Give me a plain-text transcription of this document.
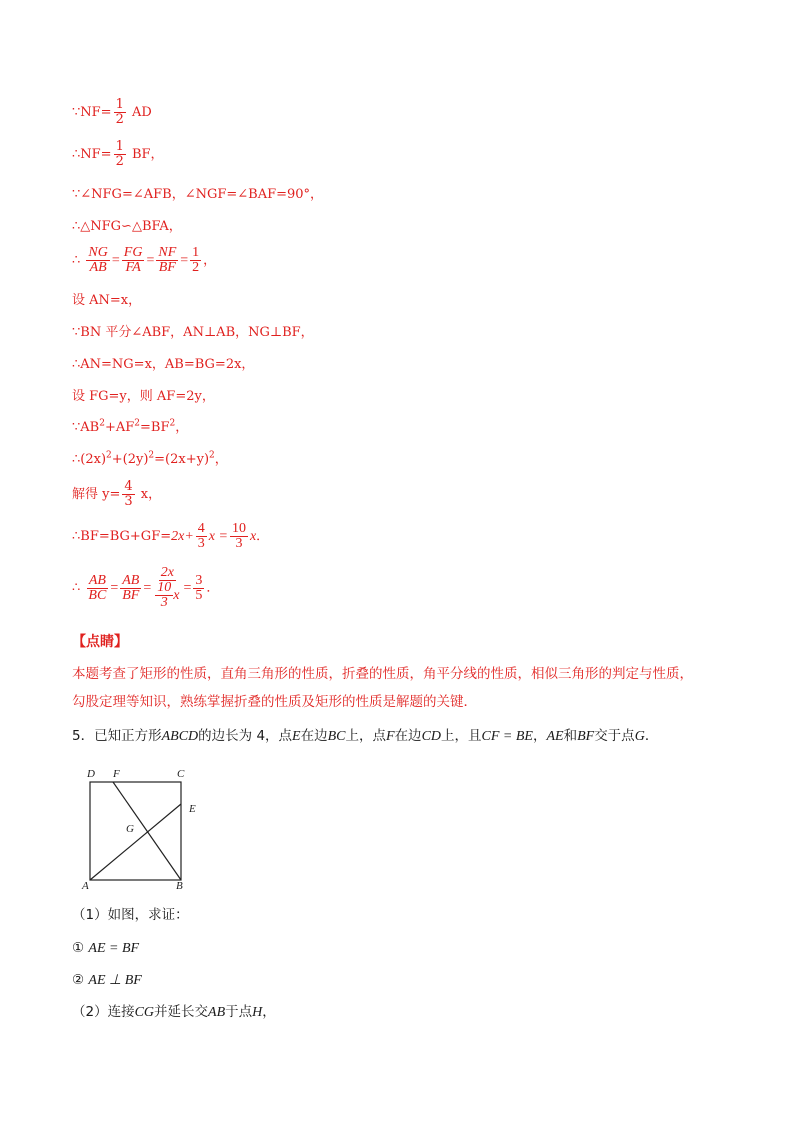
∵NF= $\frac{1}{2}$ AD
∴NF= $\frac{1}{2}$ BF，
∵∠NFG=∠AFB，∠NGF=∠BAF=90°，
∴△NFG∽△BFA，
∴ $\frac{NG}{AB} = \frac{FG}{FA} = \frac{NF}{BF} = \frac{1}{2}$ ，
设 AN=x，
∵BN 平分∠ABF，AN⊥AB，NG⊥BF，
∴AN=NG=x，AB=BG=2x，
设 FG=y，则 AF=2y，
$\because AB^2+AF^2=BF^2$，
$\therefore(2x)^2+(2y)^2=(2x+y)^2$，
解得 $y= \frac{4}{3}$ x，
∴BF=BG+GF=2x+ $\frac{4}{3}$ $x = \frac{10}{3}$ x．
∴ $\frac{AB}{BC} = \frac{AB}{BF} = \frac{2x}{\frac{10}{3} x} = \frac{3}{5}$ ．
【点睛】
本题考查了矩形的性质，直角三角形的性质，折叠的性质，角平分线的性质，相似三角形的判定与性质，
勾股定理等知识，熟练掌握折叠的性质及矩形的性质是解题的关键．
5．已知正方形ABCD的边长为 4，点E在边BC上，点F在边CD上，且CF = BE，AE和BF交于点G．
D F	C
E
G
A	B
（1）如图，求证：
① AE = BF
② AE ⊥ BF
（2）连接CG并延长交AB于点H，
